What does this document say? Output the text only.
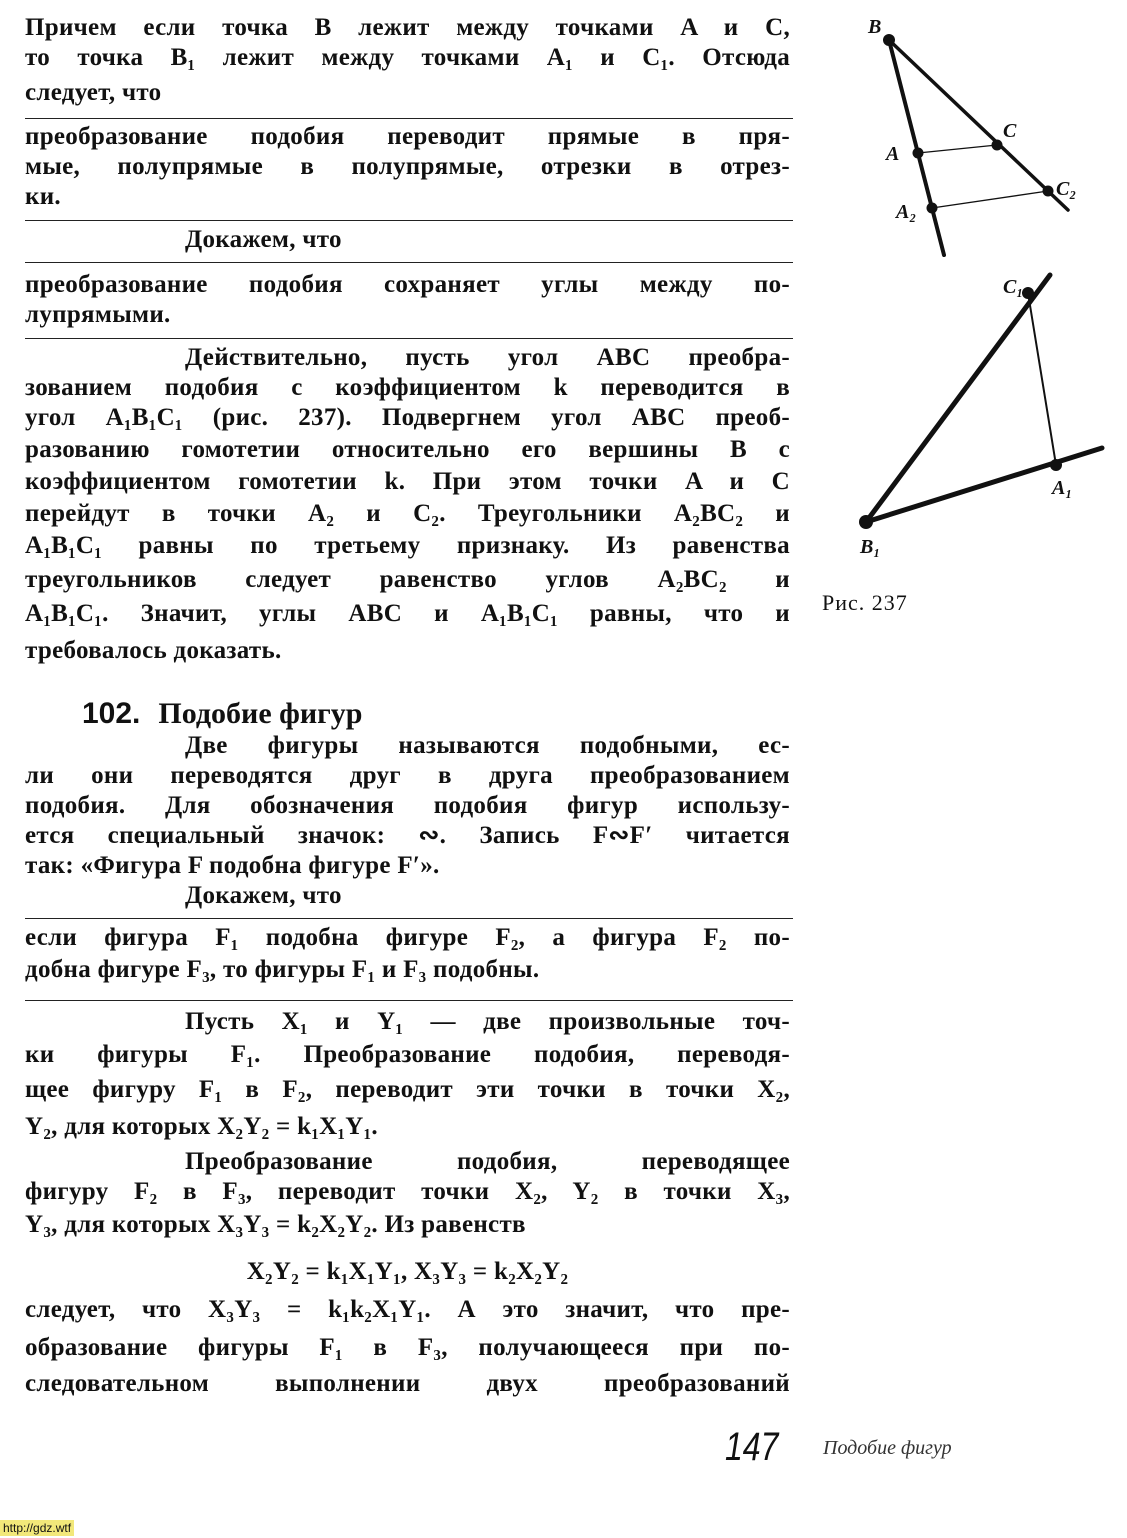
Причем если точка B лежит между точками A и C,
то точка B₁ лежит между точками A₁ и C₁. Отсюда
следует, что
преобразование подобия переводит прямые в пря-
мые, полупрямые в полупрямые, отрезки в отрез-
ки.
Докажем, что
преобразование подобия сохраняет углы между по-
лупрямыми.
Действительно, пусть угол ABC преобра-
зованием подобия с коэффициентом k переводится в
угол A₁B₁C₁ (рис. 237). Подвергнем угол ABC преоб-
разованию гомотетии относительно его вершины B с
коэффициентом гомотетии k. При этом точки A и C
перейдут в точки A₂ и C₂. Треугольники A₂BC₂ и
A₁B₁C₁ равны по третьему признаку. Из равенства
треугольников следует равенство углов A₂BC₂ и
A₁B₁C₁. Значит, углы ABC и A₁B₁C₁ равны, что и
требовалось доказать.
Две фигуры называются подобными, ес-
ли они переводятся друг в друга преобразованием
подобия. Для обозначения подобия фигур использу-
ется специальный значок: ∾. Запись F∾F′ читается
так: «Фигура F подобна фигуре F′».
Докажем, что
если фигура F₁ подобна фигуре F₂, а фигура F₂ по-
добна фигуре F₃, то фигуры F₁ и F₃ подобны.
Пусть X₁ и Y₁ — две произвольные точ-
ки фигуры F₁. Преобразование подобия, переводя-
щее фигуру F₁ в F₂, переводит эти точки в точки X₂,
Y₂, для которых X₂Y₂ = k₁X₁Y₁.
Преобразование подобия, переводящее
фигуру F₂ в F₃, переводит точки X₂, Y₂ в точки X₃,
Y₃, для которых X₃Y₃ = k₂X₂Y₂. Из равенств
X₂Y₂ = k₁X₁Y₁, X₃Y₃ = k₂X₂Y₂
следует, что X₃Y₃ = k₁k₂X₁Y₁. А это значит, что пре-
образование фигуры F₁ в F₃, получающееся при по-
следовательном выполнении двух преобразований
102. Подобие фигур
B
A
C
A₂
C₂
C₁
A₁
B₁
Рис. 237
147 Подобие фигур
http://gdz.wtf
